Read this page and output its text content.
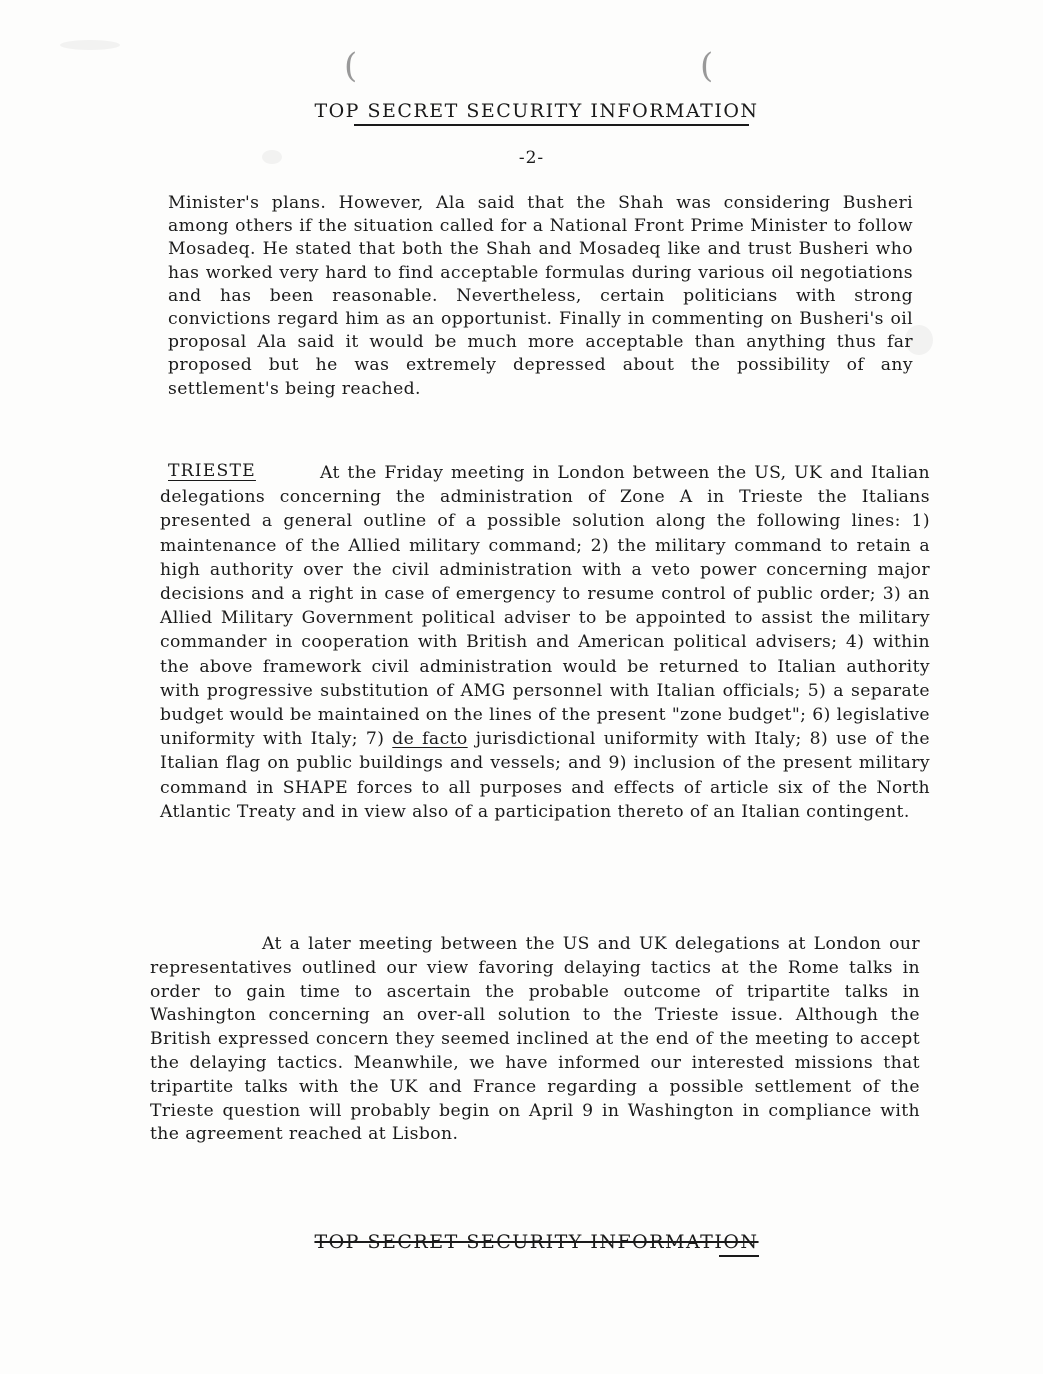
(	(
TOP SECRET SECURITY INFORMATION
-2-

Minister's plans. However, Ala said that the Shah was considering Busheri among others if the situation called for a National Front Prime Minister to follow Mosadeq. He stated that both the Shah and Mosadeq like and trust Busheri who has worked very hard to find acceptable formulas during various oil negotiations and has been reasonable. Nevertheless, certain politicians with strong convictions regard him as an opportunist. Finally in commenting on Busheri's oil proposal Ala said it would be much more acceptable than anything thus far proposed but he was extremely depressed about the possibility of any settlement's being reached.

TRIESTE	At the Friday meeting in London between the US, UK and Italian delegations concerning the administration of Zone A in Trieste the Italians presented a general outline of a possible solution along the following lines: 1) maintenance of the Allied military command; 2) the military command to retain a high authority over the civil administration with a veto power concerning major decisions and a right in case of emergency to resume control of public order; 3) an Allied Military Government political adviser to be appointed to assist the military commander in cooperation with British and American political advisers; 4) within the above framework civil administration would be returned to Italian authority with progressive substitution of AMG personnel with Italian officials; 5) a separate budget would be maintained on the lines of the present "zone budget"; 6) legislative uniformity with Italy; 7) de facto jurisdictional uniformity with Italy; 8) use of the Italian flag on public buildings and vessels; and 9) inclusion of the present military command in SHAPE forces to all purposes and effects of article six of the North Atlantic Treaty and in view also of a participation thereto of an Italian contingent.

At a later meeting between the US and UK delegations at London our representatives outlined our view favoring delaying tactics at the Rome talks in order to gain time to ascertain the probable outcome of tripartite talks in Washington concerning an over-all solution to the Trieste issue. Although the British expressed concern they seemed inclined at the end of the meeting to accept the delaying tactics. Meanwhile, we have informed our interested missions that tripartite talks with the UK and France regarding a possible settlement of the Trieste question will probably begin on April 9 in Washington in compliance with the agreement reached at Lisbon.

TOP SECRET SECURITY INFORMATION
